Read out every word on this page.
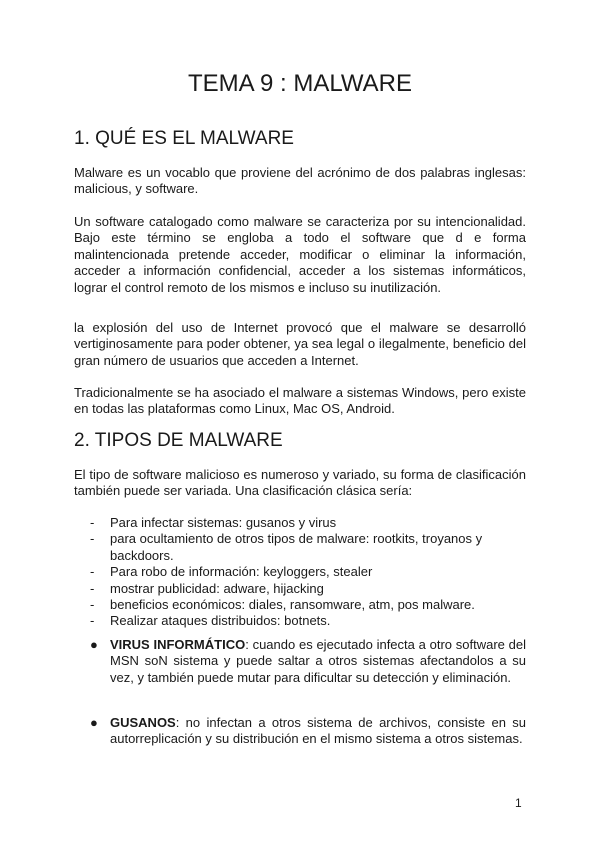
TEMA 9 : MALWARE
1. QUÉ ES EL MALWARE

Malware es un vocablo que proviene del acrónimo de dos palabras inglesas: malicious, y software.

Un software catalogado como malware se caracteriza por su intencionalidad. Bajo este término se engloba a todo el software que d e forma malintencionada pretende acceder, modificar o eliminar la información, acceder a información confidencial, acceder a los sistemas informáticos, lograr el control remoto de los mismos e incluso su inutilización.

la explosión del uso de Internet provocó que el malware se desarrolló vertiginosamente para poder obtener, ya sea legal o ilegalmente, beneficio del gran número de usuarios que acceden a Internet.

Tradicionalmente se ha asociado el malware a sistemas Windows, pero existe en todas las plataformas como Linux, Mac OS, Android.

2. TIPOS DE MALWARE

El tipo de software malicioso es numeroso y variado, su forma de clasificación también puede ser variada. Una clasificación clásica sería:

- Para infectar sistemas: gusanos y virus
- para ocultamiento de otros tipos de malware: rootkits, troyanos y backdoors.
- Para robo de información: keyloggers, stealer
- mostrar publicidad: adware, hijacking
- beneficios económicos: diales, ransomware, atm, pos malware.
- Realizar ataques distribuidos: botnets.
● VIRUS INFORMÁTICO: cuando es ejecutado infecta a otro software del MSN soN sistema y puede saltar a otros sistemas afectandolos a su vez, y también puede mutar para dificultar su detección y eliminación.
● GUSANOS: no infectan a otros sistema de archivos, consiste en su autorreplicación y su distribución en el mismo sistema a otros sistemas.
1
